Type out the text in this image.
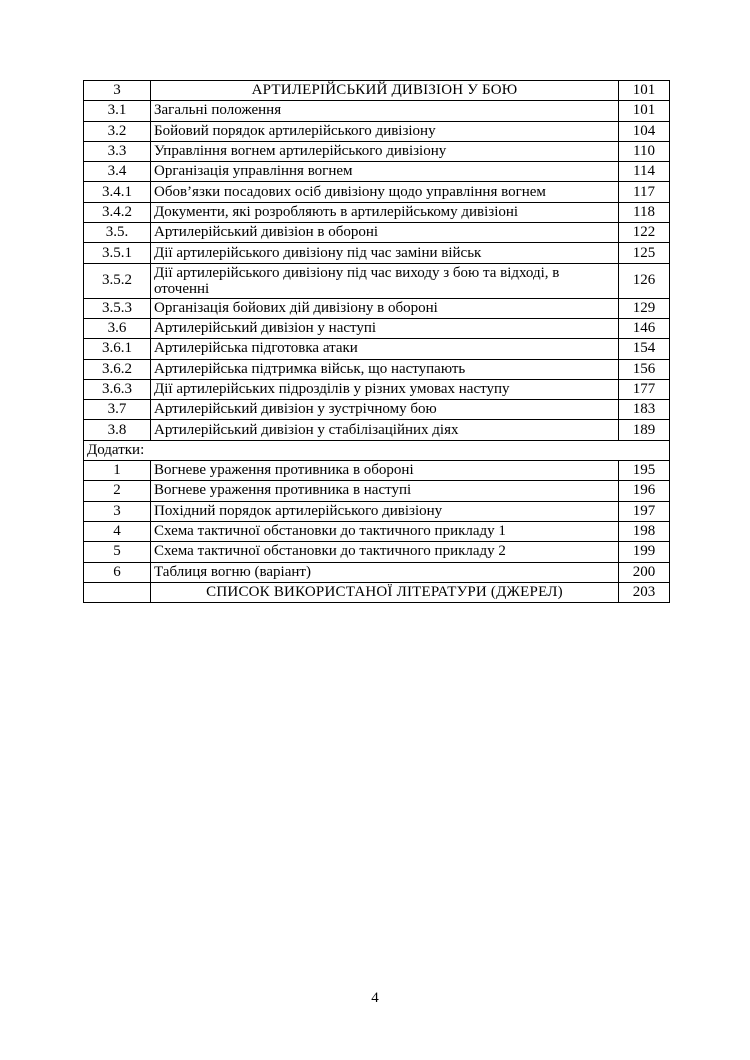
3	АРТИЛЕРІЙСЬКИЙ ДИВІЗІОН У БОЮ	101
3.1	Загальні положення	101
3.2	Бойовий порядок артилерійського дивізіону	104
3.3	Управління вогнем артилерійського дивізіону	110
3.4	Організація управління вогнем	114
3.4.1	Обов’язки посадових осіб дивізіону щодо управління вогнем	117
3.4.2	Документи, які розробляють в артилерійському дивізіоні	118
3.5.	Артилерійський дивізіон в обороні	122
3.5.1	Дії артилерійського дивізіону під час заміни військ	125
3.5.2	Дії артилерійського дивізіону під час виходу з бою та відході, в оточенні	126
3.5.3	Організація бойових дій дивізіону в обороні	129
3.6	Артилерійський дивізіон у наступі	146
3.6.1	Артилерійська підготовка атаки	154
3.6.2	Артилерійська підтримка військ, що наступають	156
3.6.3	Дії артилерійських підрозділів у різних умовах наступу	177
3.7	Артилерійський дивізіон у зустрічному бою	183
3.8	Артилерійський дивізіон у стабілізаційних діях	189
Додатки:		
1	Вогневе ураження противника в обороні	195
2	Вогневе ураження противника в наступі	196
3	Похідний порядок артилерійського дивізіону	197
4	Схема тактичної обстановки до тактичного прикладу 1	198
5	Схема тактичної обстановки до тактичного прикладу 2	199
6	Таблиця вогню (варіант)	200
	СПИСОК ВИКОРИСТАНОЇ ЛІТЕРАТУРИ (ДЖЕРЕЛ)	203
4
